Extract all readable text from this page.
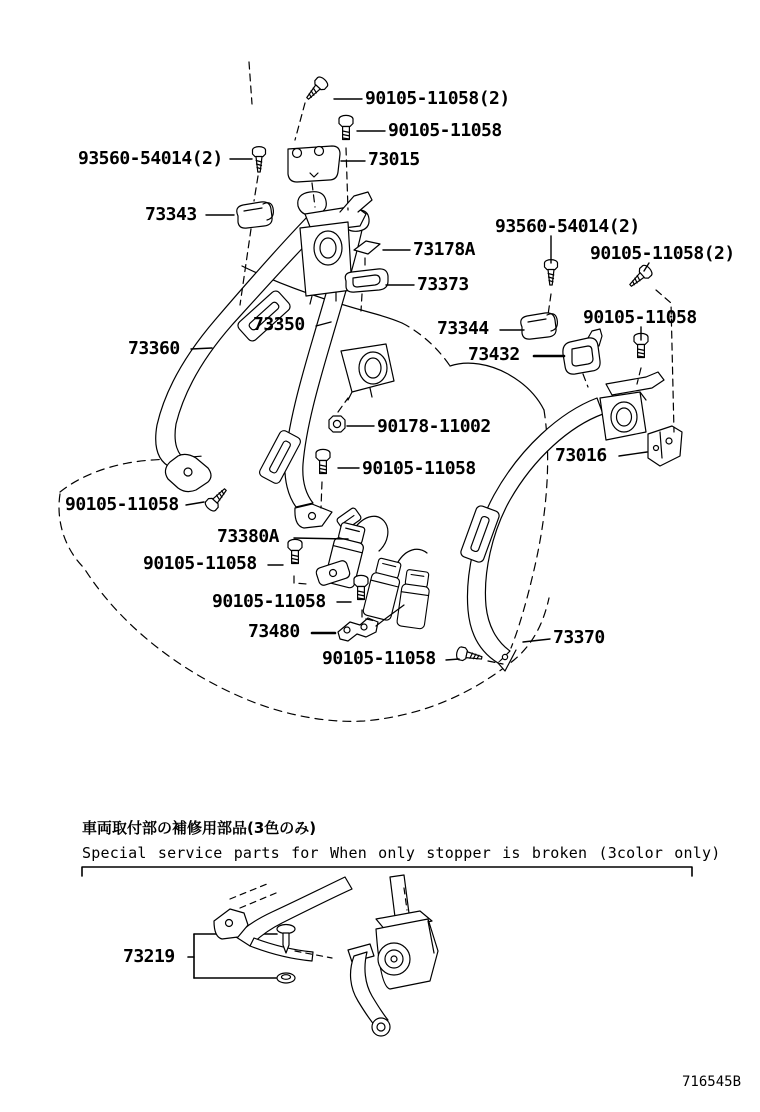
90105-11058(2)
90105-11058
93560-54014(2)	73015
73343
93560-54014(2)
73178A	90105-11058(2)
73373
90105-11058
73350	73344
73360	73432
90178-11002
73016
90105-11058
90105-11058
73380A
90105-11058
90105-11058
73480	73370
90105-11058
73219
車両取付部の補修用部品(3色のみ)
Special service parts for When only stopper is broken (3color only)
716545B
